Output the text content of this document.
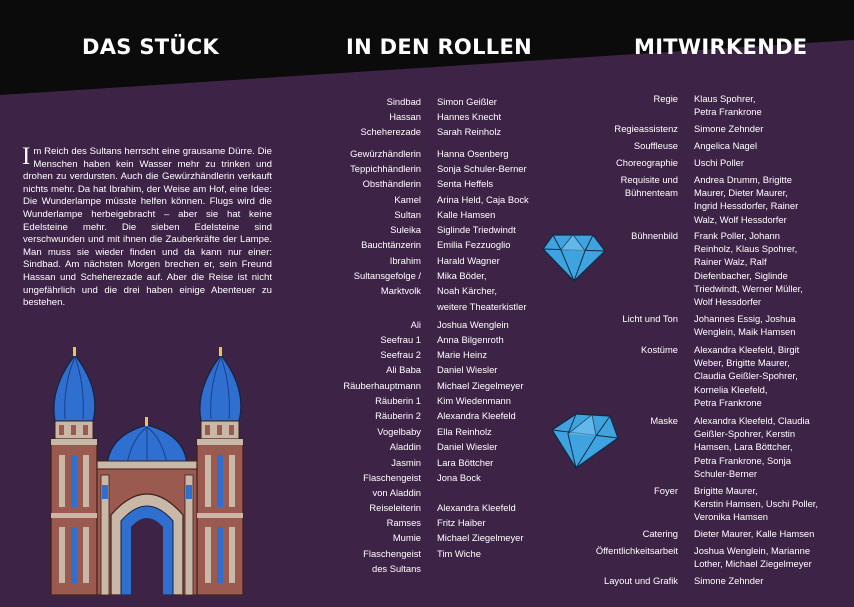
DAS STÜCK	IN DEN ROLLEN	MITWIRKENDE
Im Reich des Sultans herrscht eine grausame Dürre. Die Menschen haben kein Wasser mehr zu trinken und drohen zu verdursten. Auch die Gewürzhändlerin verkauft nichts mehr. Da hat Ibrahim, der Weise am Hof, eine Idee: Die Wunderlampe müsste helfen können. Flugs wird die Wunderlampe herbeigebracht – aber sie hat keine Edelsteine mehr. Die sieben Edelsteine sind verschwunden und mit ihnen die Zauberkräfte der Lampe. Man muss sie wieder finden und da kann nur einer: Sindbad. Am nächsten Morgen brechen er, sein Freund Hassan und Scheherezade auf. Aber die Reise ist nicht ungefährlich und die drei haben einige Abenteuer zu bestehen.
Sindbad Simon Geißler
Hassan Hannes Knecht
Scheherezade Sarah Reinholz
Gewürzhändlerin Hanna Osenberg
Teppichhändlerin Sonja Schuler-Berner
Obsthändlerin Senta Heffels
Kamel Arina Held, Caja Bock
Sultan Kalle Hamsen
Suleika Siglinde Triedwindt
Bauchtänzerin Emilia Fezzuoglio
Ibrahim Harald Wagner
Sultansgefolge /
Marktvolk
Mika Böder,
Noah Kärcher,
weitere Theaterkistler
Ali Joshua Wenglein
Seefrau 1 Anna Bilgenroth
Seefrau 2 Marie Heinz
Ali Baba Daniel Wiesler
Räuberhauptmann Michael Ziegelmeyer
Räuberin 1 Kim Wiedenmann
Räuberin 2 Alexandra Kleefeld
Vogelbaby Ella Reinholz
Aladdin Daniel Wiesler
Jasmin Lara Böttcher
Flaschengeist
von Aladdin
Jona Bock
Reiseleiterin Alexandra Kleefeld
Ramses Fritz Haiber
Mumie Michael Ziegelmeyer
Flaschengeist
des Sultans
Tim Wiche
Regie Klaus Spohrer,
Petra Frankrone
Regieassistenz Simone Zehnder
Souffleuse Angelica Nagel
Choreographie Uschi Poller
Requisite und
Bühnenteam
Andrea Drumm, Brigitte
Maurer, Dieter Maurer,
Ingrid Hessdorfer, Rainer
Walz, Wolf Hessdorfer
Bühnenbild Frank Poller, Johann
Reinholz, Klaus Spohrer,
Rainer Walz, Ralf
Diefenbacher, Siglinde
Triedwindt, Werner Müller,
Wolf Hessdorfer
Licht und Ton Johannes Essig, Joshua
Wenglein, Maik Hamsen
Kostüme Alexandra Kleefeld, Birgit
Weber, Brigitte Maurer,
Claudia Geißler-Spohrer,
Kornelia Kleefeld,
Petra Frankrone
Maske Alexandra Kleefeld, Claudia
Geißler-Spohrer, Kerstin
Hamsen, Lara Böttcher,
Petra Frankrone, Sonja
Schuler-Berner
Foyer Brigitte Maurer,
Kerstin Hamsen, Uschi Poller,
Veronika Hamsen
Catering Dieter Maurer, Kalle Hamsen
Öffentlichkeitsarbeit Joshua Wenglein, Marianne
Lother, Michael Ziegelmeyer
Layout und Grafik Simone Zehnder
